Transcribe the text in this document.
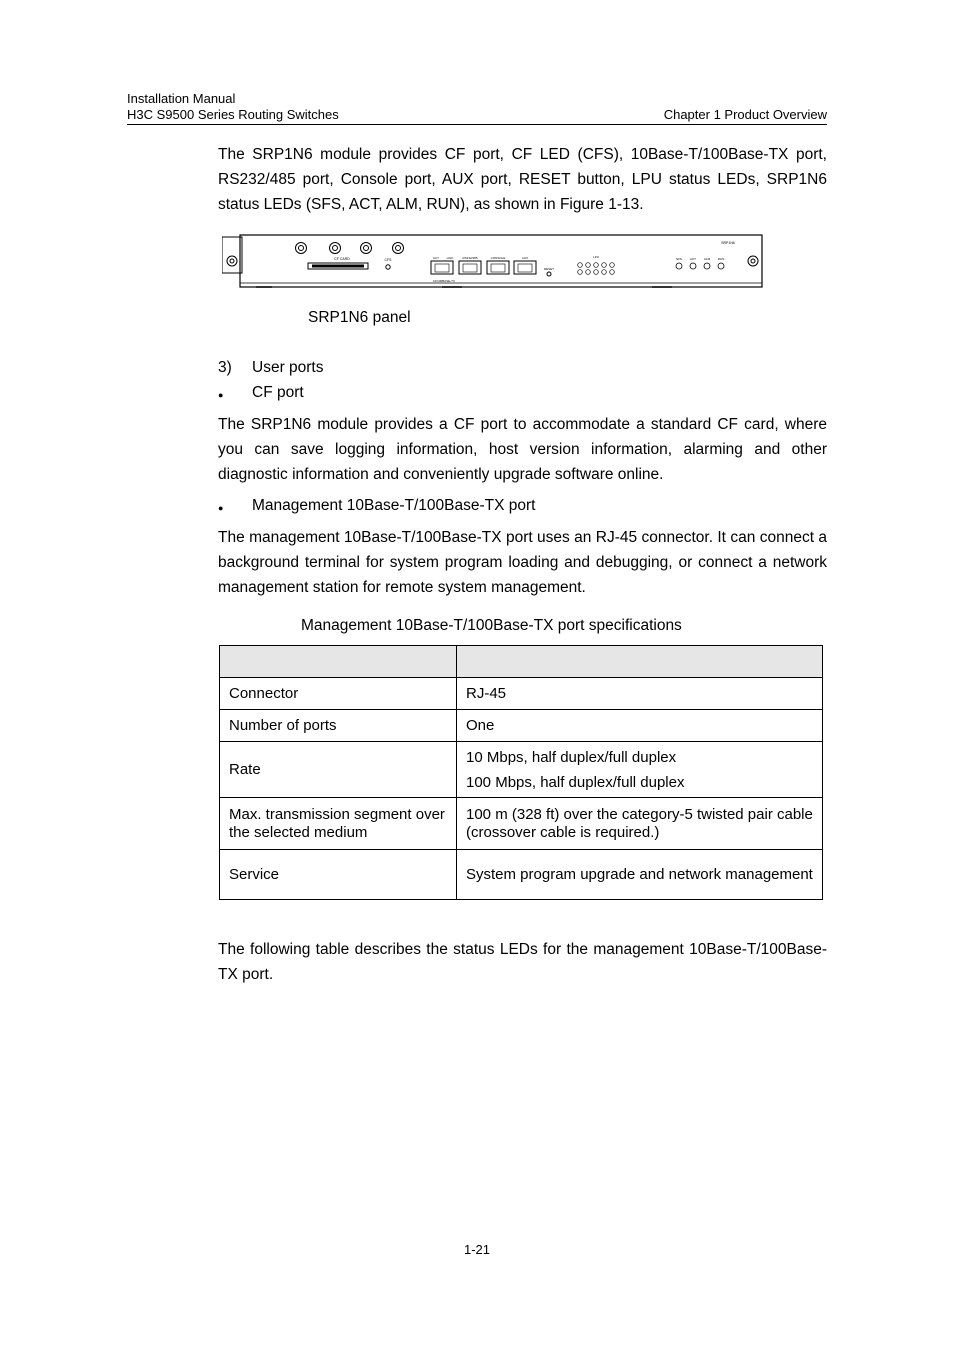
Installation Manual
H3C S9500 Series Routing Switches	Chapter 1 Product Overview
The SRP1N6 module provides CF port, CF LED (CFS), 10Base-T/100Base-TX port, RS232/485 port, Console port, AUX port, RESET button, LPU status LEDs, SRP1N6 status LEDs (SFS, ACT, ALM, RUN), as shown in Figure 1-13.
CF CARD	CFS	ACT	LINK
10/100BASE-TX
RS232/485	CONSOLE	AUX
RESET
LPU	SFS	ACT	ALM	RUN
SRP1N6
SRP1N6 panel
3) User ports
● CF port
The SRP1N6 module provides a CF port to accommodate a standard CF card, where you can save logging information, host version information, alarming and other diagnostic information and conveniently upgrade software online.
● Management 10Base-T/100Base-TX port
The management 10Base-T/100Base-TX port uses an RJ-45 connector. It can connect a background terminal for system program loading and debugging, or connect a network management station for remote system management.
Management 10Base-T/100Base-TX port specifications

Connector	RJ-45
Number of ports	One
Rate	10 Mbps, half duplex/full duplex
100 Mbps, half duplex/full duplex

Max. transmission segment over the selected medium	100 m (328 ft) over the category-5 twisted pair cable (crossover cable is required.)
Service	System program upgrade and network management
The following table describes the status LEDs for the management 10Base-T/100Base-TX port.
1-21
